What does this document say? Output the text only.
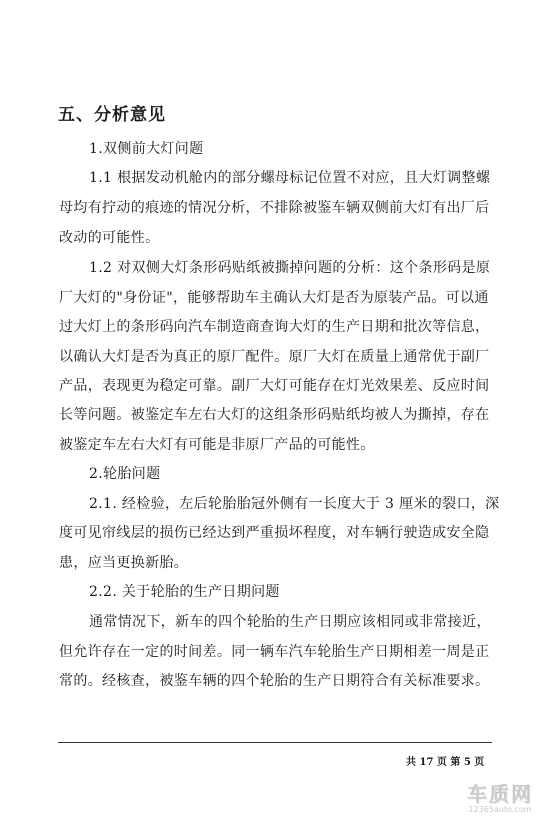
五、分析意见
1.双侧前大灯问题
1.1 根据发动机舱内的部分螺母标记位置不对应，且大灯调整螺
母均有拧动的痕迹的情况分析，不排除被鉴车辆双侧前大灯有出厂后
改动的可能性。
1.2 对双侧大灯条形码贴纸被撕掉问题的分析：这个条形码是原
厂大灯的"身份证"，能够帮助车主确认大灯是否为原装产品。可以通
过大灯上的条形码向汽车制造商查询大灯的生产日期和批次等信息，
以确认大灯是否为真正的原厂配件。原厂大灯在质量上通常优于副厂
产品，表现更为稳定可靠。副厂大灯可能存在灯光效果差、反应时间
长等问题。被鉴定车左右大灯的这组条形码贴纸均被人为撕掉，存在
被鉴定车左右大灯有可能是非原厂产品的可能性。
2.轮胎问题
2.1. 经检验，左后轮胎胎冠外侧有一长度大于 3 厘米的裂口，深
度可见帘线层的损伤已经达到严重损坏程度，对车辆行驶造成安全隐
患，应当更换新胎。
2.2. 关于轮胎的生产日期问题
通常情况下，新车的四个轮胎的生产日期应该相同或非常接近，
但允许存在一定的时间差。同一辆车汽车轮胎生产日期相差一周是正
常的。经核查，被鉴车辆的四个轮胎的生产日期符合有关标准要求。
共 17 页 第 5 页
车质网
12365auto.com
